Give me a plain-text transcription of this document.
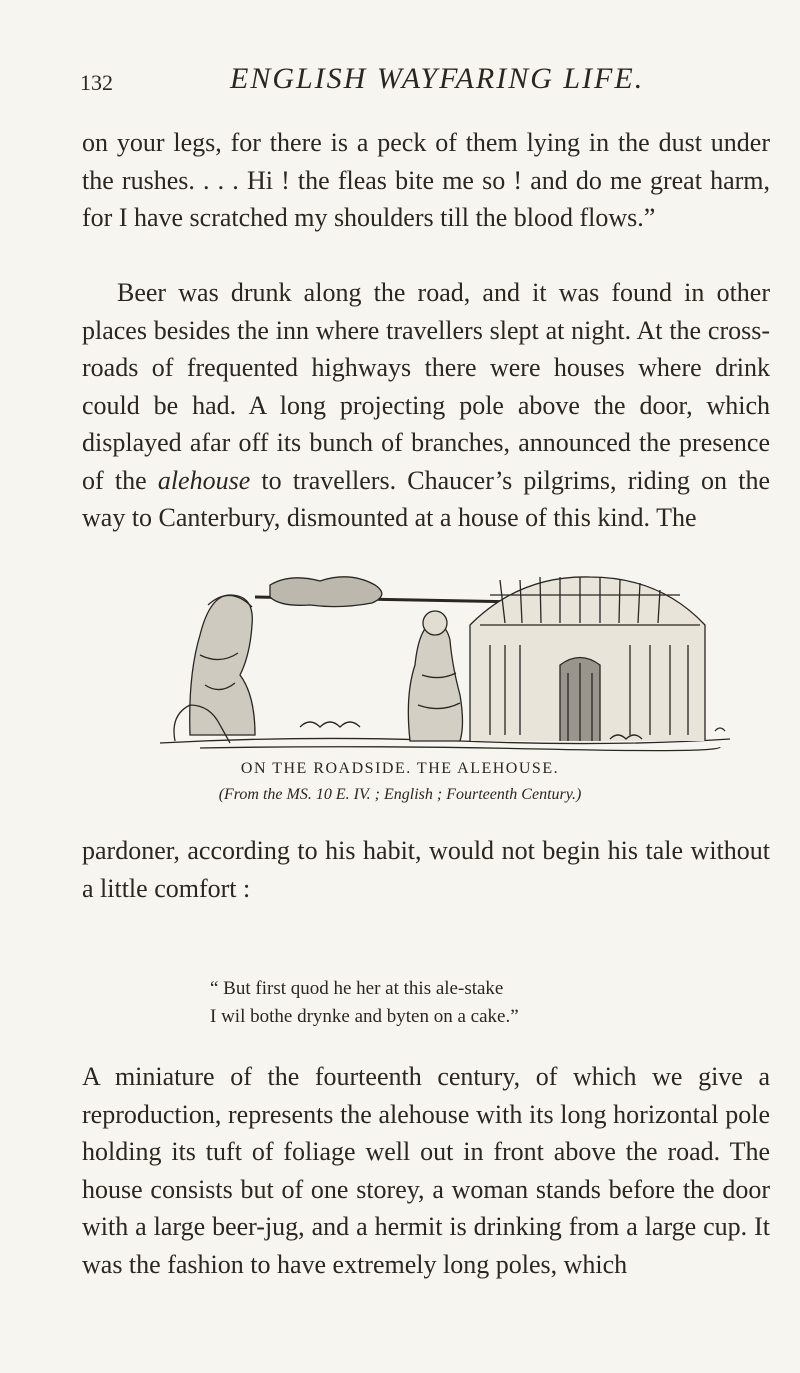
132	ENGLISH WAYFARING LIFE.

on your legs, for there is a peck of them lying in the dust under the rushes. . . . Hi ! the fleas bite me so ! and do me great harm, for I have scratched my shoulders till the blood flows.”

Beer was drunk along the road, and it was found in other places besides the inn where travellers slept at night. At the cross-roads of frequented highways there were houses where drink could be had. A long projecting pole above the door, which displayed afar off its bunch of branches, announced the presence of the alehouse to travellers. Chaucer’s pilgrims, riding on the way to Canterbury, dismounted at a house of this kind. The

ON THE ROADSIDE. THE ALEHOUSE.
(From the MS. 10 E. IV. ; English ; Fourteenth Century.)

pardoner, according to his habit, would not begin his tale without a little comfort :

“ But first quod he her at this ale-stake
I wil bothe drynke and byten on a cake.”

A miniature of the fourteenth century, of which we give a reproduction, represents the alehouse with its long horizontal pole holding its tuft of foliage well out in front above the road. The house consists but of one storey, a woman stands before the door with a large beer-jug, and a hermit is drinking from a large cup. It was the fashion to have extremely long poles, which
